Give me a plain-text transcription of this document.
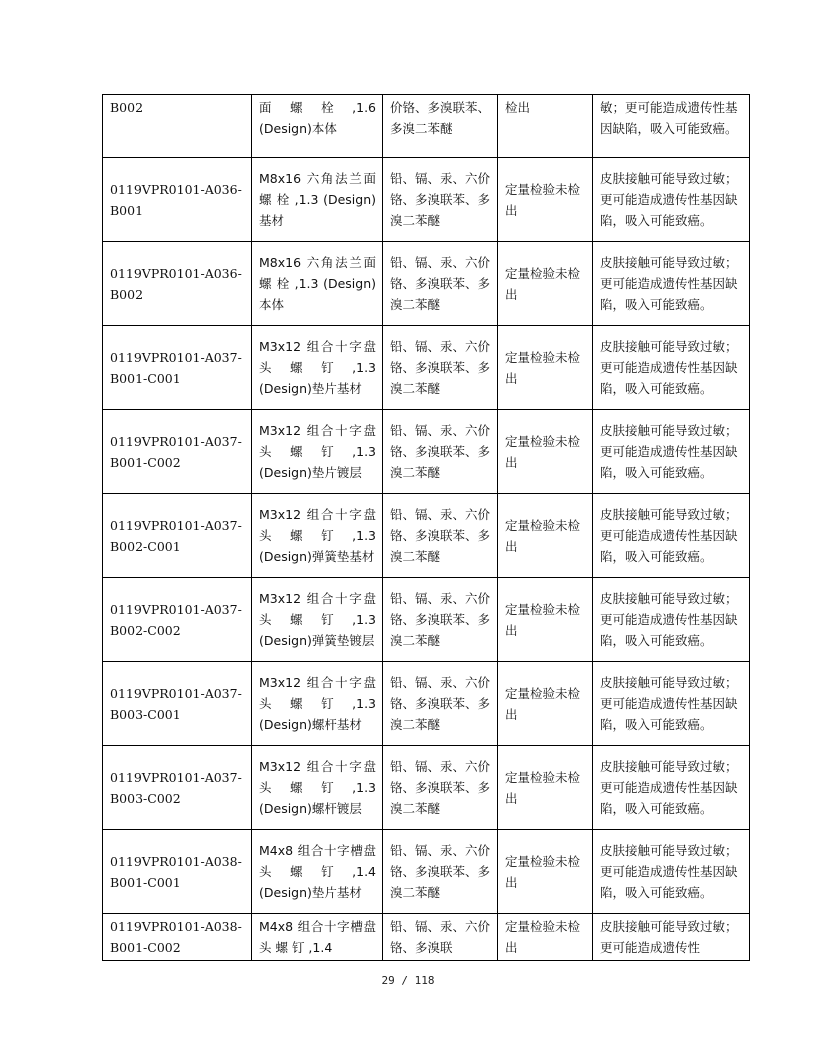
B002	面　螺　栓　,1.6 (Design)本体	价铬、多溴联苯、多溴二苯醚	检出	敏；更可能造成遗传性基因缺陷，吸入可能致癌。
0119VPR0101-A036-B001	M8x16 六角法兰面 螺 栓 ,1.3 (Design)基材	铅、镉、汞、六价铬、多溴联苯、多溴二苯醚	定量检验未检出	皮肤接触可能导致过敏；更可能造成遗传性基因缺陷，吸入可能致癌。
0119VPR0101-A036-B002	M8x16 六角法兰面 螺 栓 ,1.3 (Design)本体	铅、镉、汞、六价铬、多溴联苯、多溴二苯醚	定量检验未检出	皮肤接触可能导致过敏；更可能造成遗传性基因缺陷，吸入可能致癌。
0119VPR0101-A037-B001-C001	M3x12 组合十字盘 头 螺 钉 ,1.3 (Design)垫片基材	铅、镉、汞、六价铬、多溴联苯、多溴二苯醚	定量检验未检出	皮肤接触可能导致过敏；更可能造成遗传性基因缺陷，吸入可能致癌。
0119VPR0101-A037-B001-C002	M3x12 组合十字盘 头 螺 钉 ,1.3 (Design)垫片镀层	铅、镉、汞、六价铬、多溴联苯、多溴二苯醚	定量检验未检出	皮肤接触可能导致过敏；更可能造成遗传性基因缺陷，吸入可能致癌。
0119VPR0101-A037-B002-C001	M3x12 组合十字盘 头 螺 钉 ,1.3 (Design)弹簧垫基材	铅、镉、汞、六价铬、多溴联苯、多溴二苯醚	定量检验未检出	皮肤接触可能导致过敏；更可能造成遗传性基因缺陷，吸入可能致癌。
0119VPR0101-A037-B002-C002	M3x12 组合十字盘 头 螺 钉 ,1.3 (Design)弹簧垫镀层	铅、镉、汞、六价铬、多溴联苯、多溴二苯醚	定量检验未检出	皮肤接触可能导致过敏；更可能造成遗传性基因缺陷，吸入可能致癌。
0119VPR0101-A037-B003-C001	M3x12 组合十字盘 头 螺 钉 ,1.3 (Design)螺杆基材	铅、镉、汞、六价铬、多溴联苯、多溴二苯醚	定量检验未检出	皮肤接触可能导致过敏；更可能造成遗传性基因缺陷，吸入可能致癌。
0119VPR0101-A037-B003-C002	M3x12 组合十字盘 头 螺 钉 ,1.3 (Design)螺杆镀层	铅、镉、汞、六价铬、多溴联苯、多溴二苯醚	定量检验未检出	皮肤接触可能导致过敏；更可能造成遗传性基因缺陷，吸入可能致癌。
0119VPR0101-A038-B001-C001	M4x8 组合十字槽盘 头 螺 钉 ,1.4 (Design)垫片基材	铅、镉、汞、六价铬、多溴联苯、多溴二苯醚	定量检验未检出	皮肤接触可能导致过敏；更可能造成遗传性基因缺陷，吸入可能致癌。
0119VPR0101-A038-B001-C002	M4x8 组合十字槽盘 头 螺 钉 ,1.4	铅、镉、汞、六价铬、多溴联	定量检验未检出	皮肤接触可能导致过敏；更可能造成遗传性
29 / 118
